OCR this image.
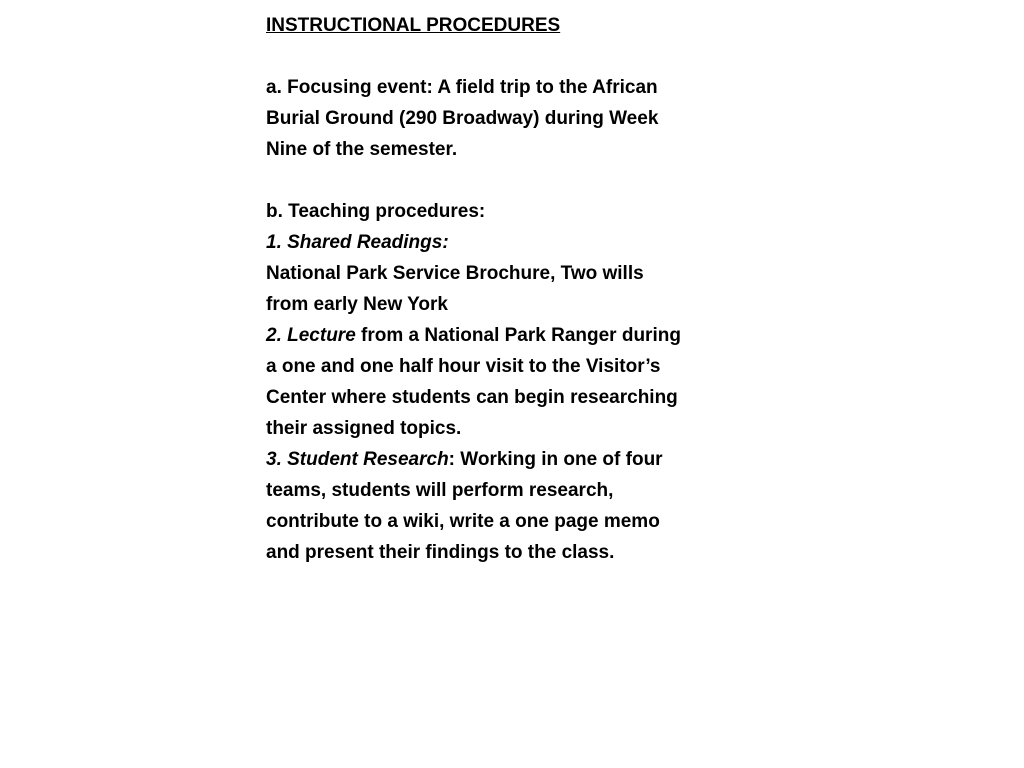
INSTRUCTIONAL PROCEDURES

a. Focusing event: A field trip to the African

Burial Ground (290 Broadway) during Week

Nine of the semester.

b. Teaching procedures:

1. Shared Readings:

National Park Service Brochure, Two wills

from early New York

2. Lecture from a National Park Ranger during

a one and one half hour visit to the Visitor’s

Center where students can begin researching

their assigned topics.

3. Student Research: Working in one of four

teams, students will perform research,

contribute to a wiki, write a one page memo

and present their findings to the class.
